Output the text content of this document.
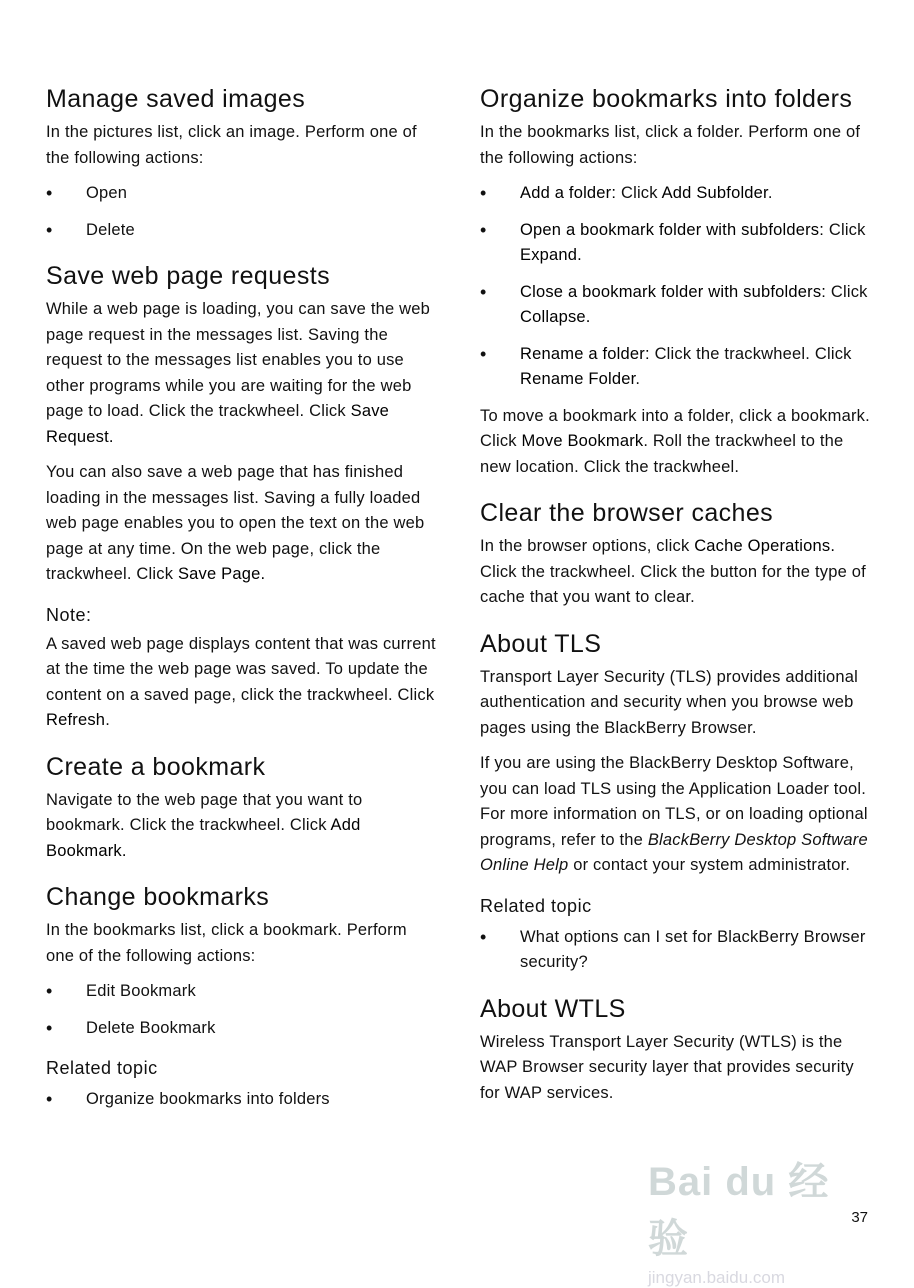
Manage saved images

In the pictures list, click an image. Perform one of the following actions:

• Open
• Delete
Save web page requests

While a web page is loading, you can save the web page request in the messages list. Saving the request to the messages list enables you to use other programs while you are waiting for the web page to load. Click the trackwheel. Click Save Request.

You can also save a web page that has finished loading in the messages list. Saving a fully loaded web page enables you to open the text on the web page at any time. On the web page, click the trackwheel. Click Save Page.

Note:

A saved web page displays content that was current at the time the web page was saved. To update the content on a saved page, click the trackwheel. Click Refresh.

Create a bookmark

Navigate to the web page that you want to bookmark. Click the trackwheel. Click Add Bookmark.

Change bookmarks

In the bookmarks list, click a bookmark. Perform one of the following actions:

• Edit Bookmark
• Delete Bookmark
Related topic
• Organize bookmarks into folders
Organize bookmarks into folders

In the bookmarks list, click a folder. Perform one of the following actions:

• Add a folder: Click Add Subfolder.
• Open a bookmark folder with subfolders: Click Expand.
• Close a bookmark folder with subfolders: Click Collapse.
• Rename a folder: Click the trackwheel. Click Rename Folder.

To move a bookmark into a folder, click a bookmark. Click Move Bookmark. Roll the trackwheel to the new location. Click the trackwheel.

Clear the browser caches

In the browser options, click Cache Operations. Click the trackwheel. Click the button for the type of cache that you want to clear.

About TLS

Transport Layer Security (TLS) provides additional authentication and security when you browse web pages using the BlackBerry Browser.

If you are using the BlackBerry Desktop Software, you can load TLS using the Application Loader tool. For more information on TLS, or on loading optional programs, refer to the BlackBerry Desktop Software Online Help or contact your system administrator.

Related topic
• What options can I set for BlackBerry Browser security?
About WTLS

Wireless Transport Layer Security (WTLS) is the WAP Browser security layer that provides security for WAP services.

Bai du 经验
jingyan.baidu.com
37
